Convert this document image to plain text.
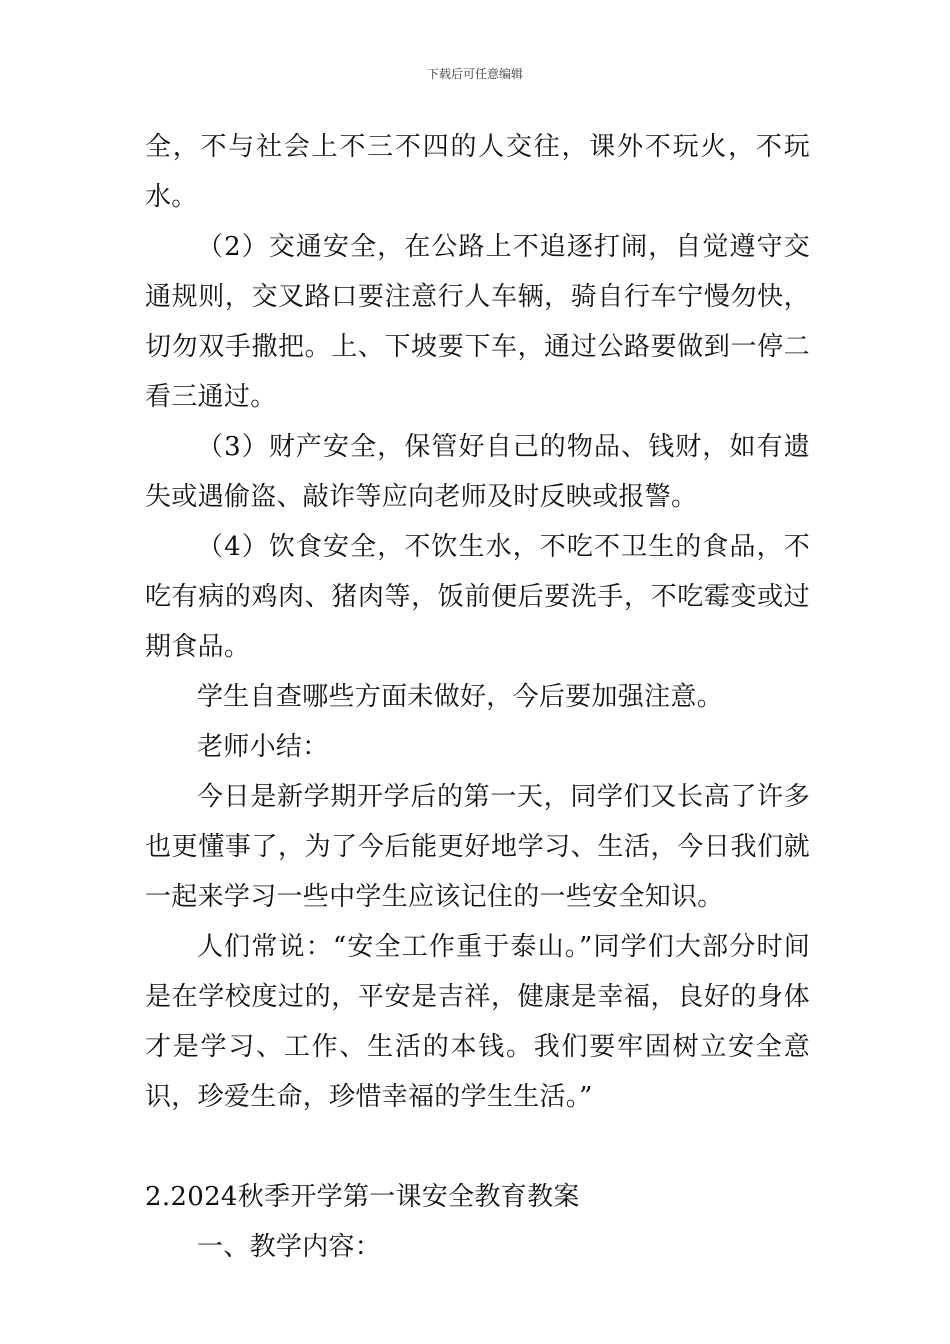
下载后可任意编辑

全，不与社会上不三不四的人交往，课外不玩火，不玩水。

（2）交通安全，在公路上不追逐打闹，自觉遵守交通规则，交叉路口要注意行人车辆，骑自行车宁慢勿快，切勿双手撒把。上、下坡要下车，通过公路要做到一停二看三通过。

（3）财产安全，保管好自己的物品、钱财，如有遗失或遇偷盗、敲诈等应向老师及时反映或报警。

（4）饮食安全，不饮生水，不吃不卫生的食品，不吃有病的鸡肉、猪肉等，饭前便后要洗手，不吃霉变或过期食品。

学生自查哪些方面未做好，今后要加强注意。

老师小结：

今日是新学期开学后的第一天，同学们又长高了许多也更懂事了，为了今后能更好地学习、生活，今日我们就一起来学习一些中学生应该记住的一些安全知识。

人们常说：“安全工作重于泰山。”同学们大部分时间是在学校度过的，平安是吉祥，健康是幸福，良好的身体才是学习、工作、生活的本钱。我们要牢固树立安全意识，珍爱生命，珍惜幸福的学生生活。”

2.2024秋季开学第一课安全教育教案

一、教学内容：
